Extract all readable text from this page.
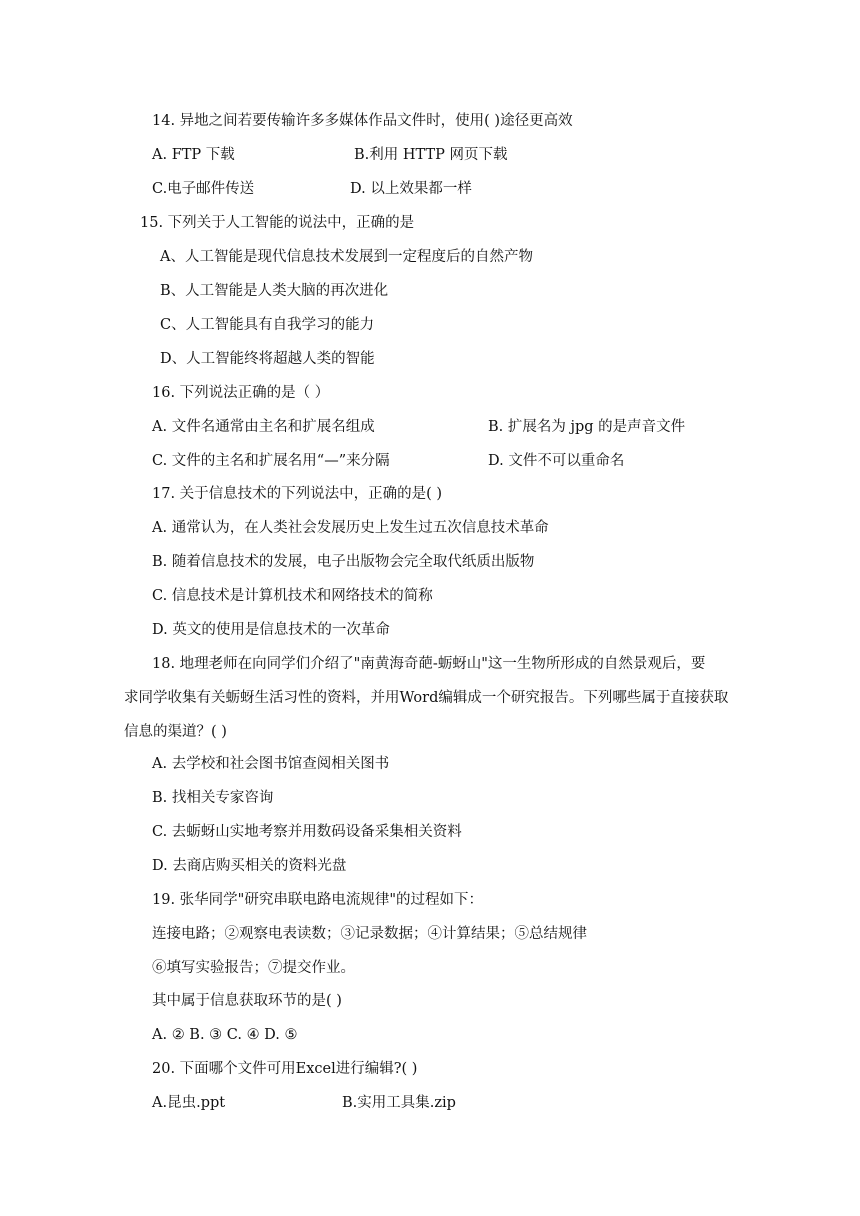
14. 异地之间若要传输许多多媒体作品文件时，使用( )途径更高效
A. FTP 下载	B.利用 HTTP 网页下载
C.电子邮件传送	D. 以上效果都一样
15. 下列关于人工智能的说法中，正确的是
A、人工智能是现代信息技术发展到一定程度后的自然产物
B、人工智能是人类大脑的再次进化
C、人工智能具有自我学习的能力
D、人工智能终将超越人类的智能
16. 下列说法正确的是（ ）
A. 文件名通常由主名和扩展名组成	B. 扩展名为 jpg 的是声音文件
C. 文件的主名和扩展名用“—”来分隔	D. 文件不可以重命名
17. 关于信息技术的下列说法中，正确的是( )
A. 通常认为，在人类社会发展历史上发生过五次信息技术革命
B. 随着信息技术的发展，电子出版物会完全取代纸质出版物
C. 信息技术是计算机技术和网络技术的简称
D. 英文的使用是信息技术的一次革命
18. 地理老师在向同学们介绍了"南黄海奇葩-蛎蚜山"这一生物所形成的自然景观后，要
求同学收集有关蛎蚜生活习性的资料，并用Word编辑成一个研究报告。下列哪些属于直接获取
信息的渠道？( )
A. 去学校和社会图书馆查阅相关图书
B. 找相关专家咨询
C. 去蛎蚜山实地考察并用数码设备采集相关资料
D. 去商店购买相关的资料光盘
19. 张华同学"研究串联电路电流规律"的过程如下：
连接电路；②观察电表读数；③记录数据；④计算结果；⑤总结规律
⑥填写实验报告；⑦提交作业。
其中属于信息获取环节的是( )
A. ② B. ③ C. ④ D. ⑤
20. 下面哪个文件可用Excel进行编辑?( )
A.昆虫.ppt	B.实用工具集.zip
